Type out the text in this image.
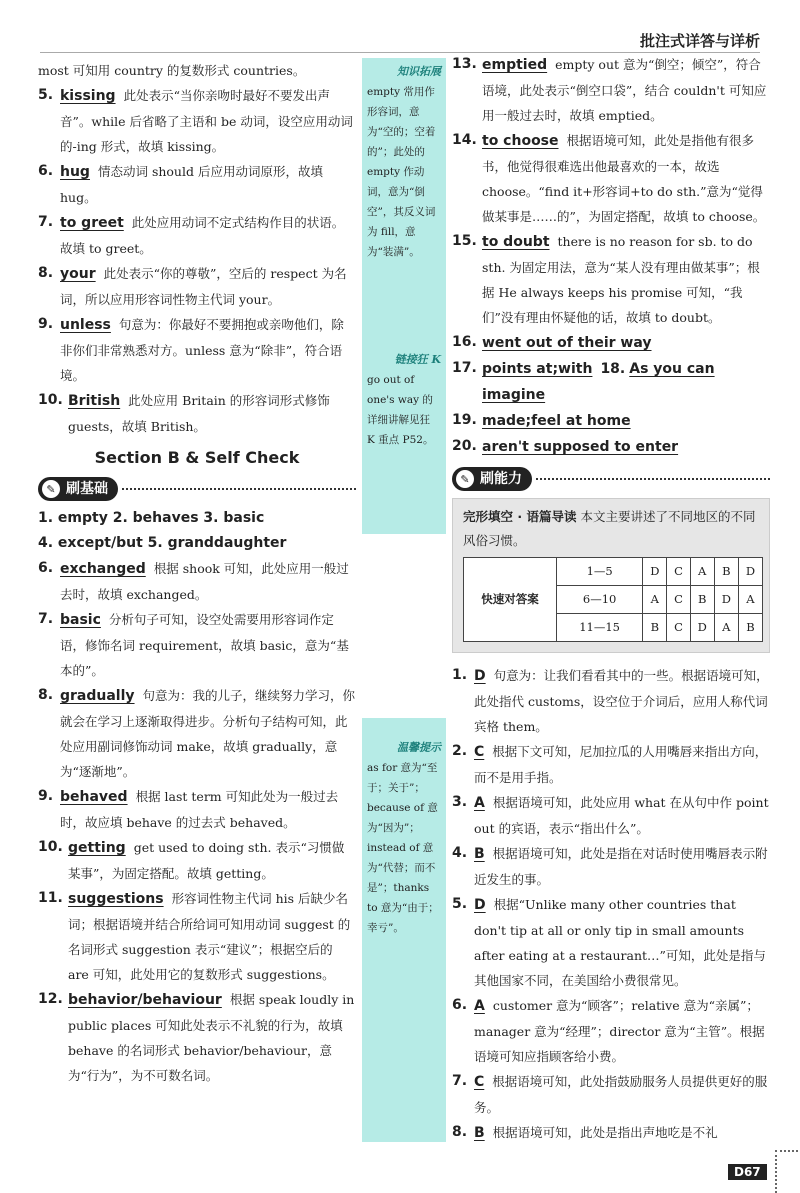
批注式详答与详析
most 可知用 country 的复数形式 countries。
5. kissing 此处表示“当你亲吻时最好不要发出声音”。while 后省略了主语和 be 动词，设空应用动词的-ing 形式，故填 kissing。
6. hug 情态动词 should 后应用动词原形，故填 hug。
7. to greet 此处应用动词不定式结构作目的状语。故填 to greet。
8. your 此处表示“你的尊敬”，空后的 respect 为名词，所以应用形容词性物主代词 your。
9. unless 句意为：你最好不要拥抱或亲吻他们，除非你们非常熟悉对方。unless 意为“除非”，符合语境。
10. British 此处应用 Britain 的形容词形式修饰 guests，故填 British。
Section B & Self Check
✎ 刷基础
1. empty 2. behaves 3. basic
4. except/but 5. granddaughter
6. exchanged 根据 shook 可知，此处应用一般过去时，故填 exchanged。
7. basic 分析句子可知，设空处需要用形容词作定语，修饰名词 requirement，故填 basic，意为“基本的”。
8. gradually 句意为：我的儿子，继续努力学习，你就会在学习上逐渐取得进步。分析句子结构可知，此处应用副词修饰动词 make，故填 gradually，意为“逐渐地”。
9. behaved 根据 last term 可知此处为一般过去时，故应填 behave 的过去式 behaved。
10. getting get used to doing sth. 表示“习惯做某事”，为固定搭配。故填 getting。
11. suggestions 形容词性物主代词 his 后缺少名词；根据语境并结合所给词可知用动词 suggest 的名词形式 suggestion 表示“建议”；根据空后的 are 可知，此处用它的复数形式 suggestions。
12. behavior/behaviour 根据 speak loudly in public places 可知此处表示不礼貌的行为，故填 behave 的名词形式 behavior/behaviour，意为“行为”，为不可数名词。
知识拓展
empty 常用作形容词，意为“空的；空着的”；此处的 empty 作动词，意为“倒空”，其反义词为 fill，意为“装满”。
链接狂 K
go out of one's way 的详细讲解见狂 K 重点 P52。
温馨提示
as for 意为“至于；关于”；because of 意为“因为”；instead of 意为“代替；而不是”；thanks to 意为“由于；幸亏”。
13. emptied empty out 意为“倒空；倾空”，符合语境，此处表示“倒空口袋”，结合 couldn't 可知应用一般过去时，故填 emptied。
14. to choose 根据语境可知，此处是指他有很多书，他觉得很难选出他最喜欢的一本，故选 choose。“find it+形容词+to do sth.”意为“觉得做某事是……的”，为固定搭配，故填 to choose。
15. to doubt there is no reason for sb. to do sth. 为固定用法，意为“某人没有理由做某事”；根据 He always keeps his promise 可知，“我们”没有理由怀疑他的话，故填 to doubt。
16. went out of their way
17. points at;with 18. As you can imagine
19. made;feel at home
20. aren't supposed to enter
✎ 刷能力
完形填空 · 语篇导读 本文主要讲述了不同地区的不同风俗习惯。
快速对答案	1—5	D	C	A	B	D
	6—10	A	C	B	D	A
	11—15	B	C	D	A	B
1. D 句意为：让我们看看其中的一些。根据语境可知，此处指代 customs，设空位于介词后，应用人称代词宾格 them。
2. C 根据下文可知，尼加拉瓜的人用嘴唇来指出方向，而不是用手指。
3. A 根据语境可知，此处应用 what 在从句中作 point out 的宾语，表示“指出什么”。
4. B 根据语境可知，此处是指在对话时使用嘴唇表示附近发生的事。
5. D 根据“Unlike many other countries that don't tip at all or only tip in small amounts after eating at a restaurant…”可知，此处是指与其他国家不同，在美国给小费很常见。
6. A customer 意为“顾客”；relative 意为“亲属”；manager 意为“经理”；director 意为“主管”。根据语境可知应指顾客给小费。
7. C 根据语境可知，此处指鼓励服务人员提供更好的服务。
8. B 根据语境可知，此处是指出声地吃是不礼
D67
